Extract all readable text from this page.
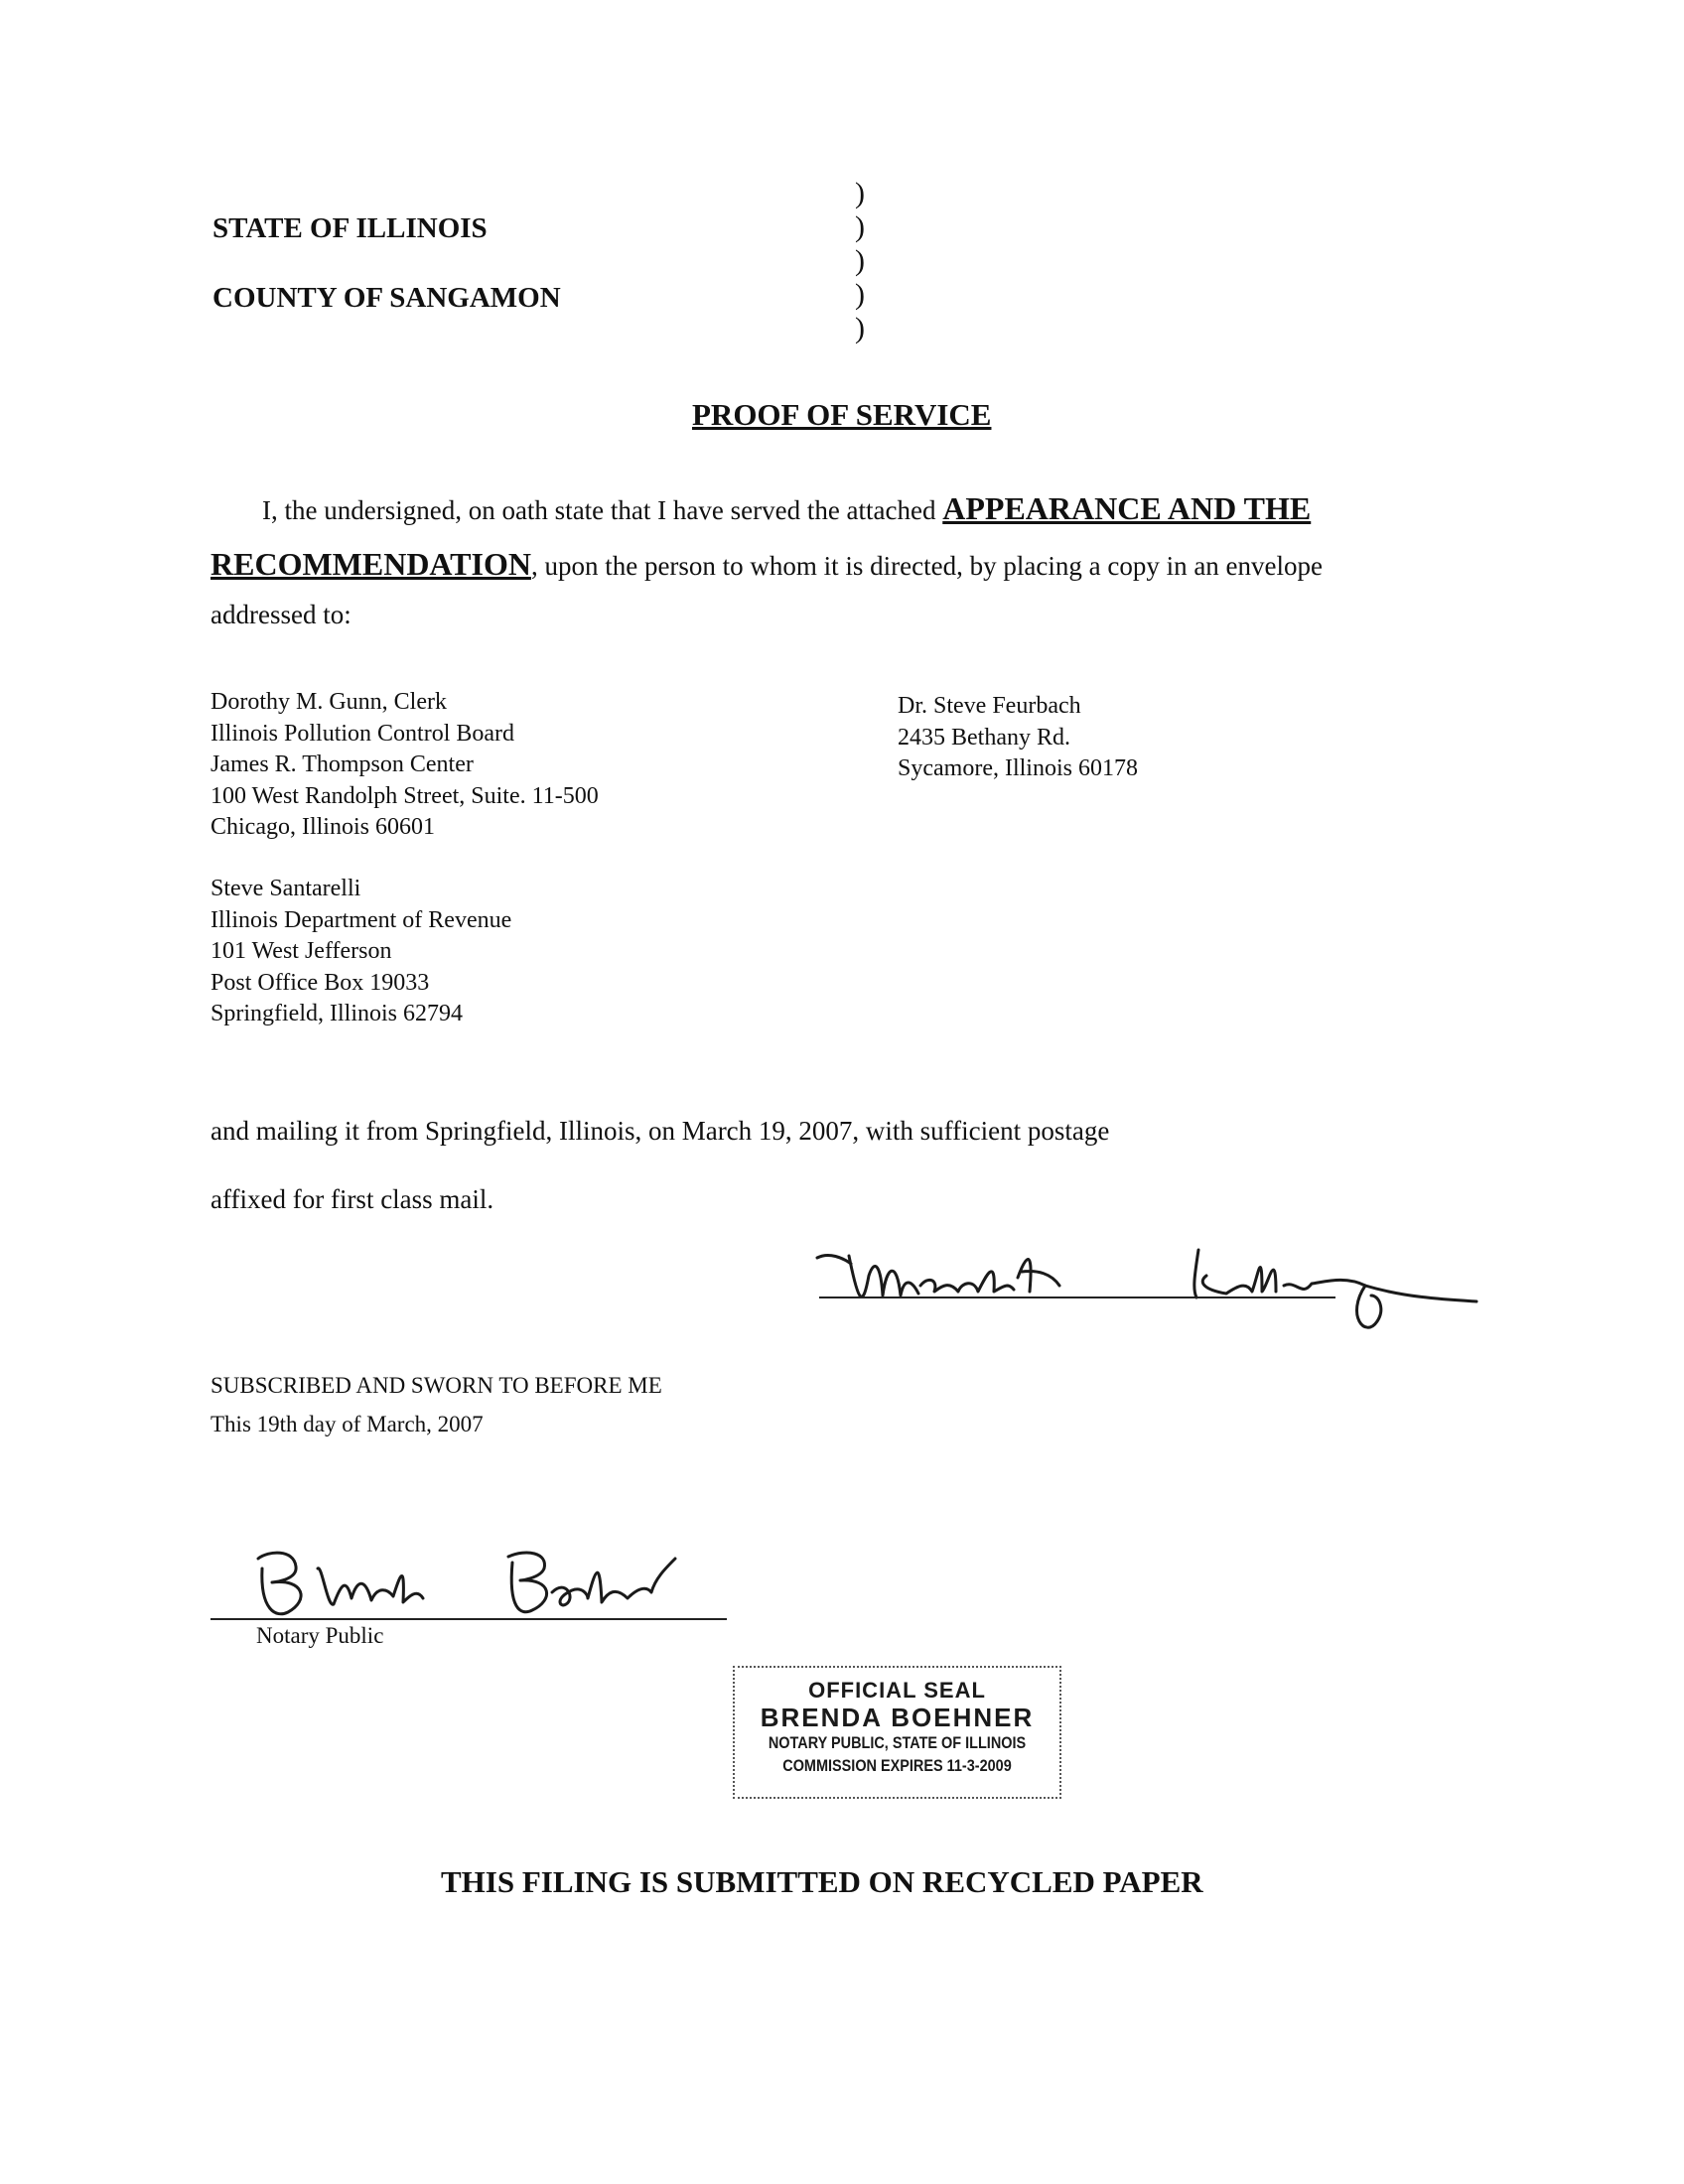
STATE OF ILLINOIS
COUNTY OF SANGAMON
)
)
)
)
)
PROOF OF SERVICE
I, the undersigned, on oath state that I have served the attached APPEARANCE AND THE
RECOMMENDATION, upon the person to whom it is directed, by placing a copy in an envelope
addressed to:
Dorothy M. Gunn, Clerk
Illinois Pollution Control Board
James R. Thompson Center
100 West Randolph Street, Suite. 11-500
Chicago, Illinois 60601
Dr. Steve Feurbach
2435 Bethany Rd.
Sycamore, Illinois 60178
Steve Santarelli
Illinois Department of Revenue
101 West Jefferson
Post Office Box 19033
Springfield, Illinois 62794
and mailing it from Springfield, Illinois, on March 19, 2007, with sufficient postage
affixed for first class mail.
SUBSCRIBED AND SWORN TO BEFORE ME
This 19th day of March, 2007
Notary Public
OFFICIAL SEAL
BRENDA BOEHNER
NOTARY PUBLIC, STATE OF ILLINOIS
COMMISSION EXPIRES 11-3-2009
THIS FILING IS SUBMITTED ON RECYCLED PAPER
